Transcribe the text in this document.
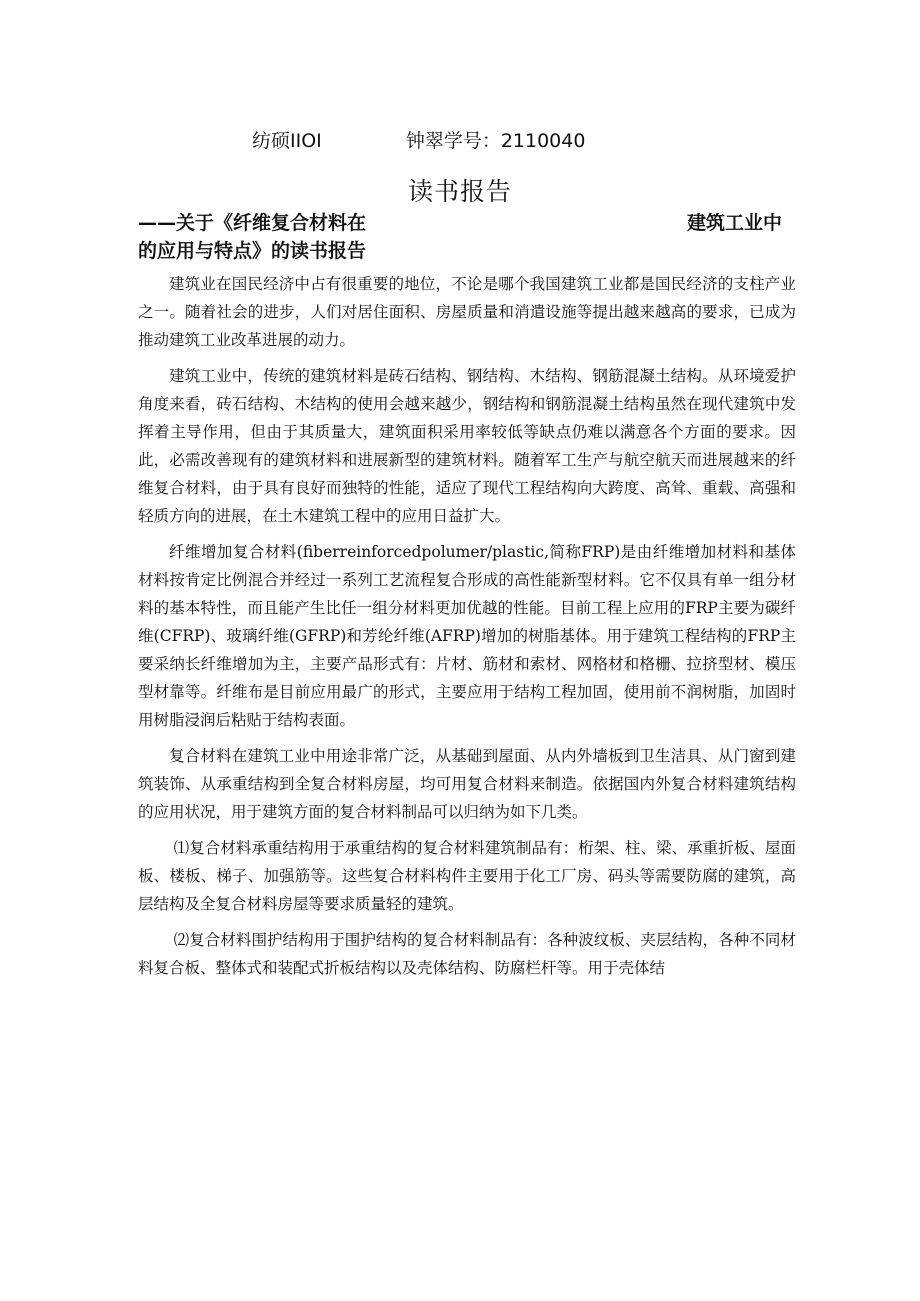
纺硕IIOI	钟翠学号：2110040
读书报告
——关于《纤维复合材料在	建筑工业中
的应用与特点》的读书报告

建筑业在国民经济中占有很重要的地位，不论是哪个我国建筑工业都是国民经济的支柱产业之一。随着社会的进步，人们对居住面积、房屋质量和消遣设施等提出越来越高的要求，已成为推动建筑工业改革进展的动力。

建筑工业中，传统的建筑材料是砖石结构、钢结构、木结构、钢筋混凝土结构。从环境爱护角度来看，砖石结构、木结构的使用会越来越少，钢结构和钢筋混凝土结构虽然在现代建筑中发挥着主导作用，但由于其质量大，建筑面积采用率较低等缺点仍难以满意各个方面的要求。因此，必需改善现有的建筑材料和进展新型的建筑材料。随着军工生产与航空航天而进展越来的纤维复合材料，由于具有良好而独特的性能，适应了现代工程结构向大跨度、高耸、重载、高强和轻质方向的进展，在土木建筑工程中的应用日益扩大。

纤维增加复合材料(fiberreinforcedpolumer/plastic,简称FRP)是由纤维增加材料和基体材料按肯定比例混合并经过一系列工艺流程复合形成的高性能新型材料。它不仅具有单一组分材料的基本特性，而且能产生比任一组分材料更加优越的性能。目前工程上应用的FRP主要为碳纤维(CFRP)、玻璃纤维(GFRP)和芳纶纤维(AFRP)增加的树脂基体。用于建筑工程结构的FRP主要采纳长纤维增加为主，主要产品形式有：片材、筋材和索材、网格材和格栅、拉挤型材、模压型材靠等。纤维布是目前应用最广的形式，主要应用于结构工程加固，使用前不润树脂，加固时用树脂浸润后粘贴于结构表面。

复合材料在建筑工业中用途非常广泛，从基础到屋面、从内外墙板到卫生洁具、从门窗到建筑装饰、从承重结构到全复合材料房屋，均可用复合材料来制造。依据国内外复合材料建筑结构的应用状况，用于建筑方面的复合材料制品可以归纳为如下几类。

⑴复合材料承重结构用于承重结构的复合材料建筑制品有：桁架、柱、梁、承重折板、屋面板、楼板、梯子、加强筋等。这些复合材料构件主要用于化工厂房、码头等需要防腐的建筑，高层结构及全复合材料房屋等要求质量轻的建筑。

⑵复合材料围护结构用于围护结构的复合材料制品有：各种波纹板、夹层结构，各种不同材料复合板、整体式和装配式折板结构以及壳体结构、防腐栏杆等。用于壳体结
